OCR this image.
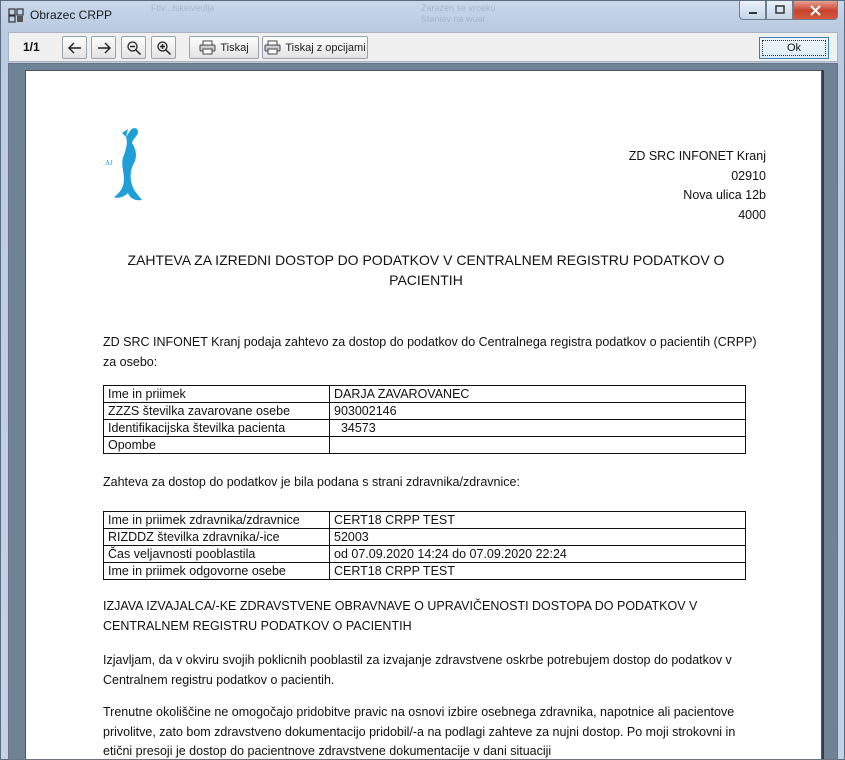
Obrazec CRPP	Ftiv...tskeiveulja	Zarazen se vroeku
Staniev na wuar
1/1	Tiskaj	Tiskaj z opcijami	Ok
AJ	ZD SRC INFONET Kranj
02910
Nova ulica 12b
4000
ZAHTEVA ZA IZREDNI DOSTOP DO PODATKOV V CENTRALNEM REGISTRU PODATKOV O PACIENTIH
ZD SRC INFONET Kranj podaja zahtevo za dostop do podatkov do Centralnega registra podatkov o pacientih (CRPP) za osebo:
Ime in priimek	DARJA ZAVAROVANEC
ZZZS številka zavarovane osebe	903002146
Identifikacijska številka pacienta	34573
Opombe	
Zahteva za dostop do podatkov je bila podana s strani zdravnika/zdravnice:
Ime in priimek zdravnika/zdravnice	CERT18 CRPP TEST
RIZDDZ številka zdravnika/-ice	52003
Čas veljavnosti pooblastila	od 07.09.2020 14:24 do 07.09.2020 22:24
Ime in priimek odgovorne osebe	CERT18 CRPP TEST
IZJAVA IZVAJALCA/-KE ZDRAVSTVENE OBRAVNAVE O UPRAVIČENOSTI DOSTOPA DO PODATKOV V CENTRALNEM REGISTRU PODATKOV O PACIENTIH
Izjavljam, da v okviru svojih poklicnih pooblastil za izvajanje zdravstvene oskrbe potrebujem dostop do podatkov v Centralnem registru podatkov o pacientih.
Trenutne okoliščine ne omogočajo pridobitve pravic na osnovi izbire osebnega zdravnika, napotnice ali pacientove privolitve, zato bom zdravstveno dokumentacijo pridobil/-a na podlagi zahteve za nujni dostop. Po moji strokovni in etični presoji je dostop do pacientnove zdravstvene dokumentacije v dani situaciji
